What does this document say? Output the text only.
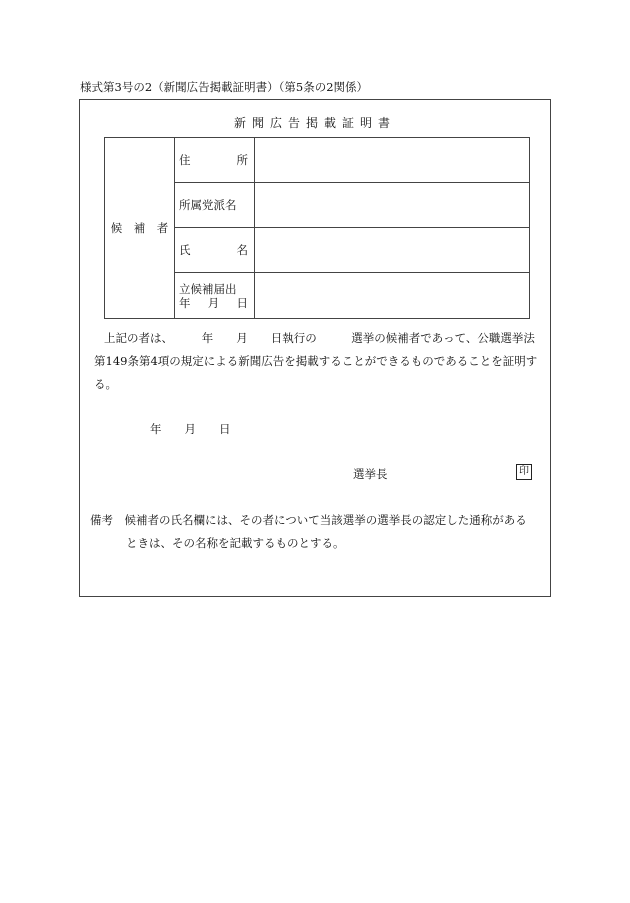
様式第3号の2（新聞広告掲載証明書）（第5条の2関係）
新聞広告掲載証明書
候　補　者	住 所	

	所属党派名	

	氏 名	

	立候補届出
年 月 日	

上記の者は、　　　年　　月　　日執行の　　　選挙の候補者であって、公職選挙法
第149条第4項の規定による新聞広告を掲載することができるものであることを証明す
る。
年　　月　　日
選挙長	印
備考　候補者の氏名欄には、その者について当該選挙の選挙長の認定した通称がある
ときは、その名称を記載するものとする。
